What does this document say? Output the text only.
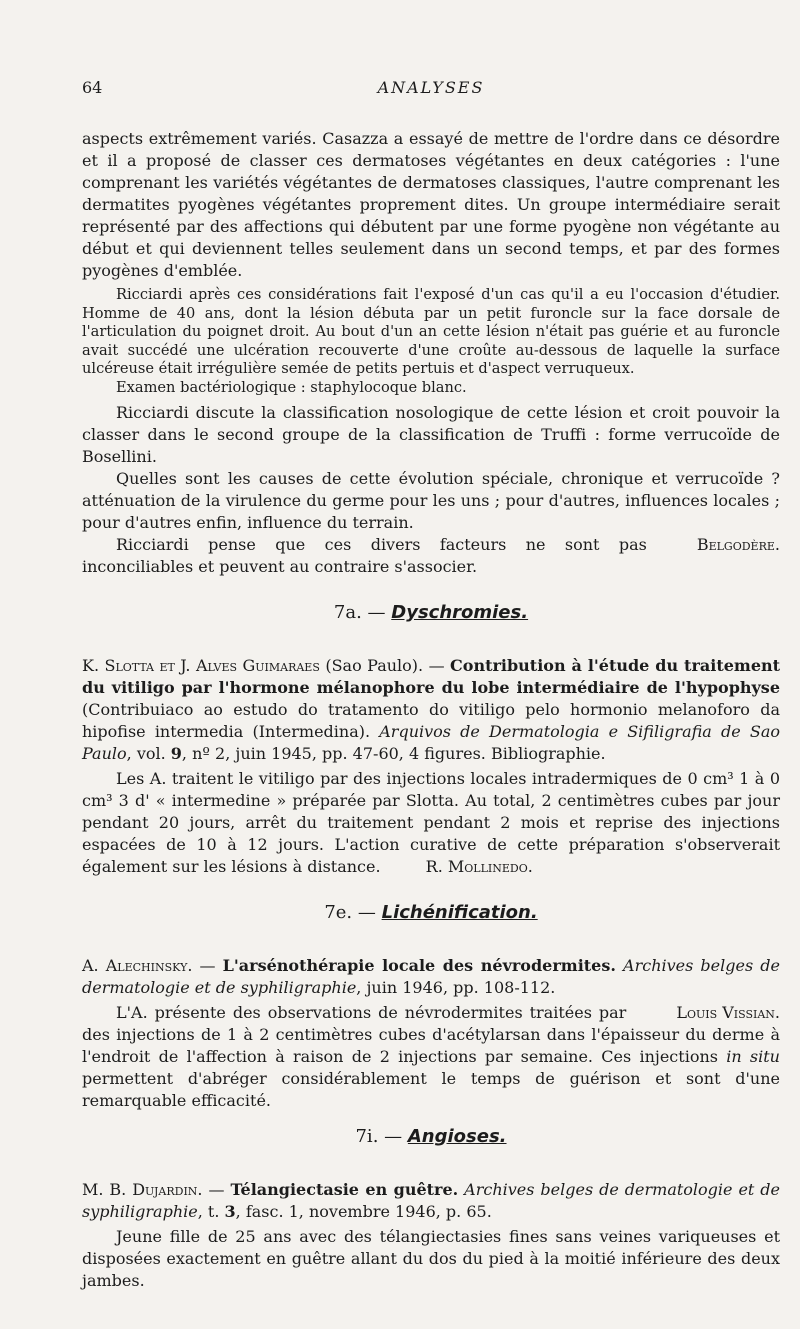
64	ANALYSES

aspects extrêmement variés. Casazza a essayé de mettre de l'ordre dans ce désordre et il a proposé de classer ces dermatoses végétantes en deux catégories : l'une comprenant les variétés végétantes de dermatoses classiques, l'autre comprenant les dermatites pyogènes végétantes proprement dites. Un groupe intermédiaire serait représenté par des affections qui débutent par une forme pyogène non végétante au début et qui deviennent telles seulement dans un second temps, et par des formes pyogènes d'emblée.

Ricciardi après ces considérations fait l'exposé d'un cas qu'il a eu l'occasion d'étudier. Homme de 40 ans, dont la lésion débuta par un petit furoncle sur la face dorsale de l'articulation du poignet droit. Au bout d'un an cette lésion n'était pas guérie et au furoncle avait succédé une ulcération recouverte d'une croûte au-dessous de laquelle la surface ulcéreuse était irrégulière semée de petits pertuis et d'aspect verruqueux.

Examen bactériologique : staphylocoque blanc.

Ricciardi discute la classification nosologique de cette lésion et croit pouvoir la classer dans le second groupe de la classification de Truffi : forme verrucoïde de Bosellini.

Quelles sont les causes de cette évolution spéciale, chronique et verrucoïde ? atténuation de la virulence du germe pour les uns ; pour d'autres, influences locales ; pour d'autres enfin, influence du terrain.

Belgodère.
Ricciardi pense que ces divers facteurs ne sont pas inconciliables et peuvent au contraire s'associer.

7a. — Dyschromies.

K. Slotta et J. Alves Guimaraes (Sao Paulo). — Contribution à l'étude du traitement du vitiligo par l'hormone mélanophore du lobe intermédiaire de l'hypophyse (Contribuiaco ao estudo do tratamento do vitiligo pelo hormonio melanoforo da hipofise intermedia (Intermedina). Arquivos de Dermatologia e Sifiligrafia de Sao Paulo, vol. 9, nº 2, juin 1945, pp. 47-60, 4 figures. Bibliographie.

Les A. traitent le vitiligo par des injections locales intradermiques de 0 cm³ 1 à 0 cm³ 3 d' « intermedine » préparée par Slotta. Au total, 2 centimètres cubes par jour pendant 20 jours, arrêt du traitement pendant 2 mois et reprise des injections espacées de 10 à 12 jours. L'action curative de cette préparation s'observerait également sur les lésions à distance.	R. Mollinedo.

7e. — Lichénification.

A. Alechinsky. — L'arsénothérapie locale des névrodermites. Archives belges de dermatologie et de syphiligraphie, juin 1946, pp. 108-112.

Louis Vissian.
L'A. présente des observations de névrodermites traitées par des injections de 1 à 2 centimètres cubes d'acétylarsan dans l'épaisseur du derme à l'endroit de l'affection à raison de 2 injections par semaine. Ces injections in situ permettent d'abréger considérablement le temps de guérison et sont d'une remarquable efficacité.

7i. — Angioses.

M. B. Dujardin. — Télangiectasie en guêtre. Archives belges de dermatologie et de syphiligraphie, t. 3, fasc. 1, novembre 1946, p. 65.

Jeune fille de 25 ans avec des télangiectasies fines sans veines variqueuses et disposées exactement en guêtre allant du dos du pied à la moitié inférieure des deux jambes.
